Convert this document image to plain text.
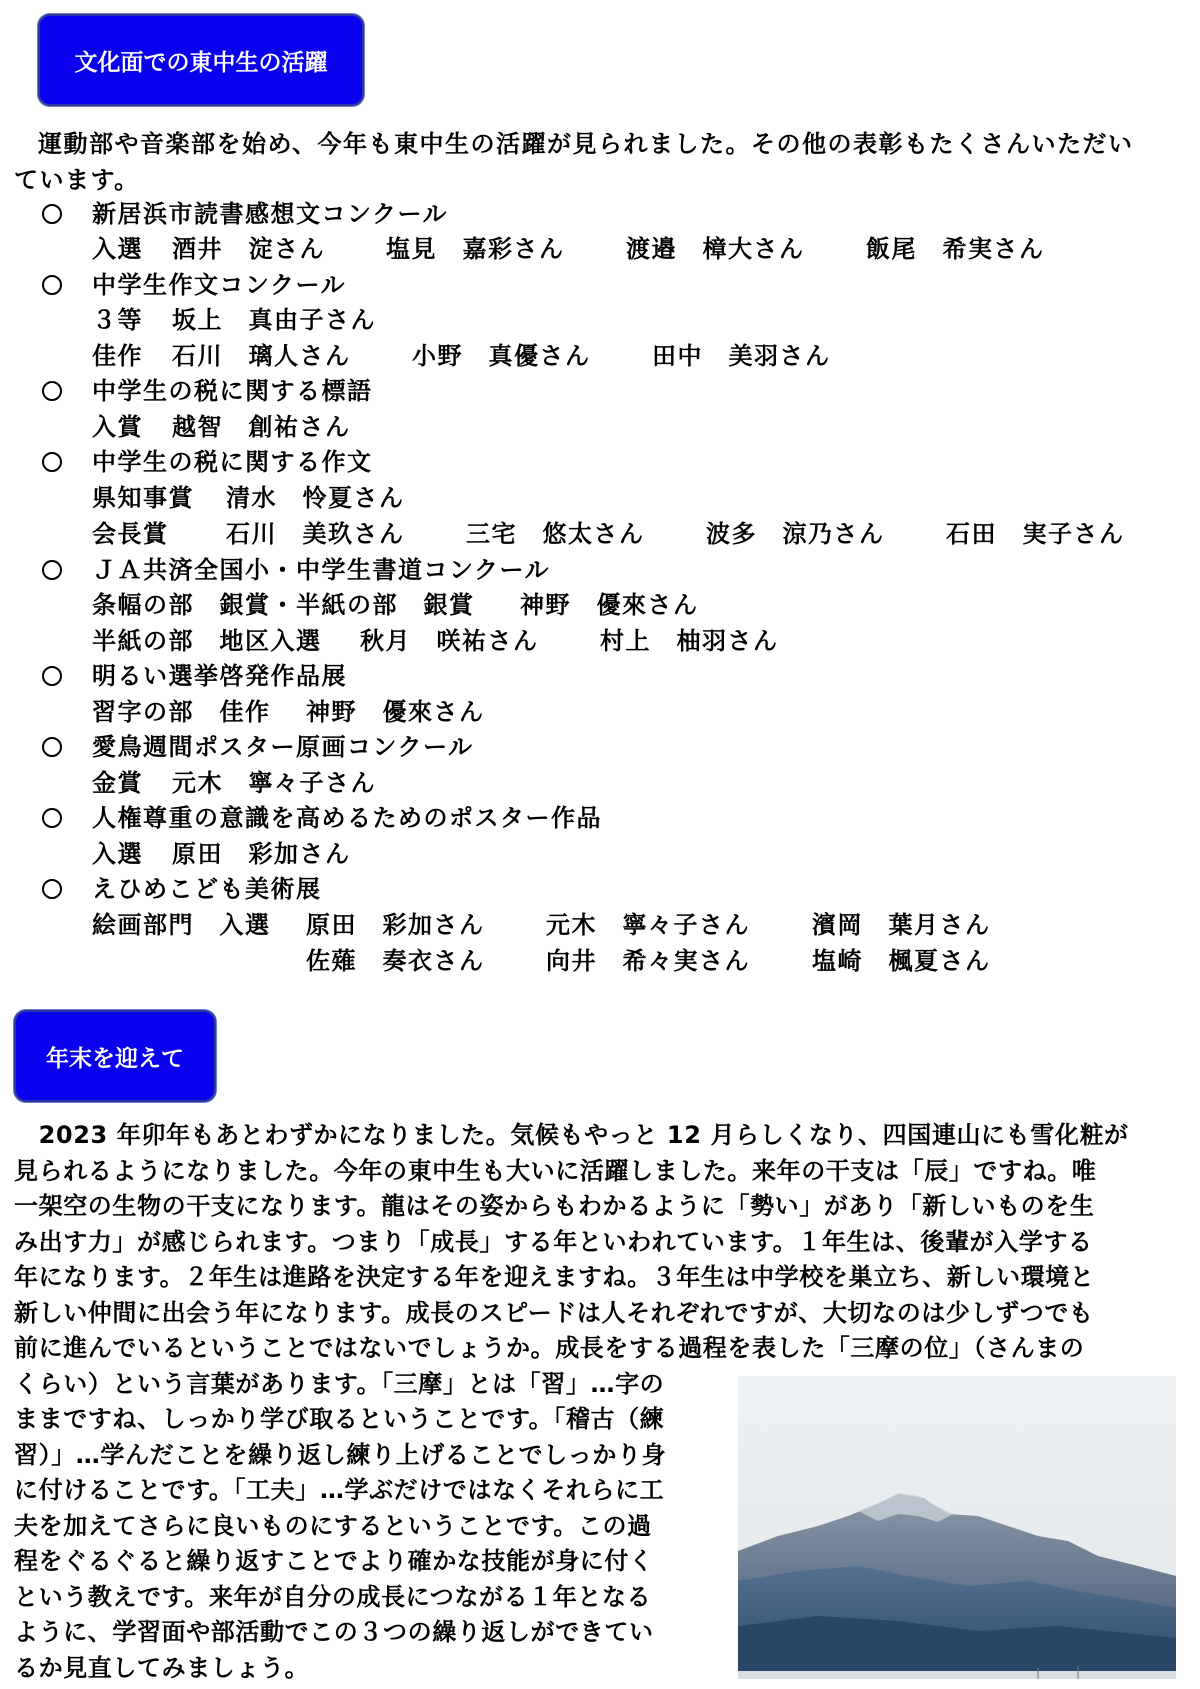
文化面での東中生の活躍
運動部や音楽部を始め、今年も東中生の活躍が見られました。その他の表彰もたくさんいただい
ています。
新居浜市読書感想文コンクール
入選 酒井　淀さん	塩見　嘉彩さん	渡邉　樟大さん	飯尾　希実さん
中学生作文コンクール
３等 坂上　真由子さん
佳作 石川　璃人さん	小野　真優さん	田中　美羽さん
中学生の税に関する標語
入賞 越智　創祐さん
中学生の税に関する作文
県知事賞 清水　怜夏さん
会長賞 石川　美玖さん	三宅　悠太さん	波多　涼乃さん	石田　実子さん
ＪＡ共済全国小・中学生書道コンクール
条幅の部　銀賞・半紙の部　銀賞 神野　優來さん
半紙の部　地区入選 秋月　咲祐さん	村上　柚羽さん
明るい選挙啓発作品展
習字の部　佳作 神野　優來さん
愛鳥週間ポスター原画コンクール
金賞 元木　寧々子さん
人権尊重の意識を高めるためのポスター作品
入選 原田　彩加さん
えひめこども美術展
絵画部門　入選 原田　彩加さん	元木　寧々子さん	濱岡　葉月さん
佐薙　奏衣さん	向井　希々実さん	塩崎　楓夏さん
年末を迎えて
　2023 年卯年もあとわずかになりました。気候もやっと 12 月らしくなり、四国連山にも雪化粧が
見られるようになりました。今年の東中生も大いに活躍しました。来年の干支は「辰」ですね。唯
一架空の生物の干支になります。龍はその姿からもわかるように「勢い」があり「新しいものを生
み出す力」が感じられます。つまり「成長」する年といわれています。１年生は、後輩が入学する
年になります。２年生は進路を決定する年を迎えますね。３年生は中学校を巣立ち、新しい環境と
新しい仲間に出会う年になります。成長のスピードは人それぞれですが、大切なのは少しずつでも
前に進んでいるということではないでしょうか。成長をする過程を表した「三摩の位」（さんまの
くらい）という言葉があります。「三摩」とは「習」…字の
ままですね、しっかり学び取るということです。「稽古（練
習）」…学んだことを繰り返し練り上げることでしっかり身
に付けることです。「工夫」…学ぶだけではなくそれらに工
夫を加えてさらに良いものにするということです。この過
程をぐるぐると繰り返すことでより確かな技能が身に付く
という教えです。来年が自分の成長につながる１年となる
ように、学習面や部活動でこの３つの繰り返しができてい
るか見直してみましょう。
